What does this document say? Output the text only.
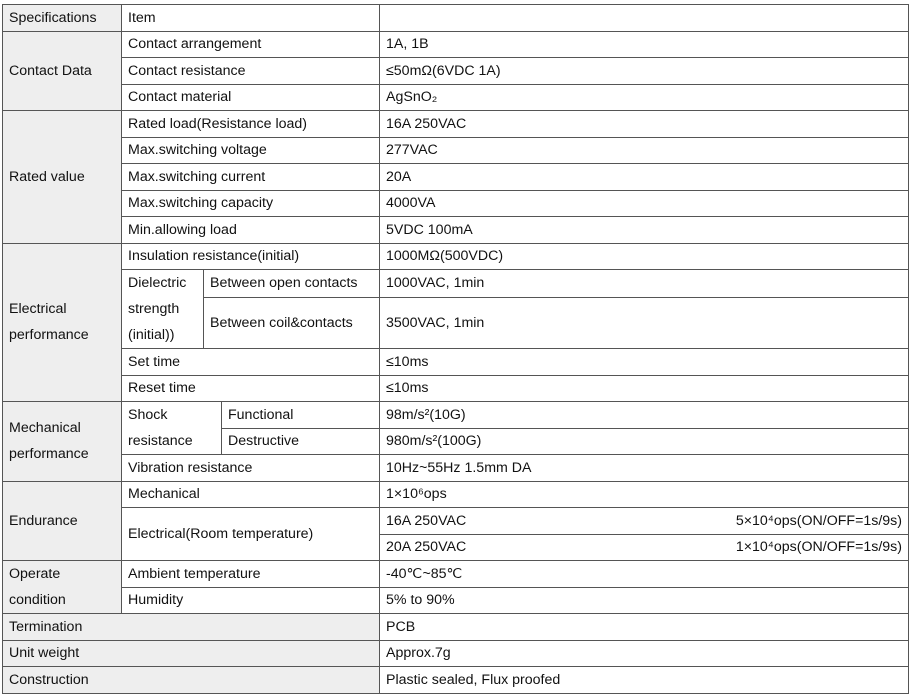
Specifications	Item			
Contact Data	Contact arrangement			1A, 1B
	Contact resistance			≤50mΩ(6VDC 1A)
	Contact material			AgSnO₂
Rated value	Rated load(Resistance load)			16A 250VAC
	Max.switching voltage			277VAC
	Max.switching current			20A
	Max.switching capacity			4000VA
	Min.allowing load			5VDC 100mA
Electrical performance	Insulation resistance(initial)			1000MΩ(500VDC)
	Dielectric strength (initial))	Between open contacts		1000VAC, 1min
		Between coil&contacts		3500VAC, 1min
	Set time			≤10ms
	Reset time			≤10ms
Mechanical performance	Shock resistance		Functional	98m/s²(10G)
			Destructive	980m/s²(100G)
	Vibration resistance			10Hz~55Hz 1.5mm DA
Endurance	Mechanical			1×10⁶ops
	Electrical(Room temperature)			16A 250VAC 5×10⁴ops(ON/OFF=1s/9s)

				20A 250VAC 1×10⁴ops(ON/OFF=1s/9s)

Operate condition	Ambient temperature			-40℃~85℃
	Humidity			5% to 90%
Termination				PCB
Unit weight				Approx.7g
Construction				Plastic sealed, Flux proofed
